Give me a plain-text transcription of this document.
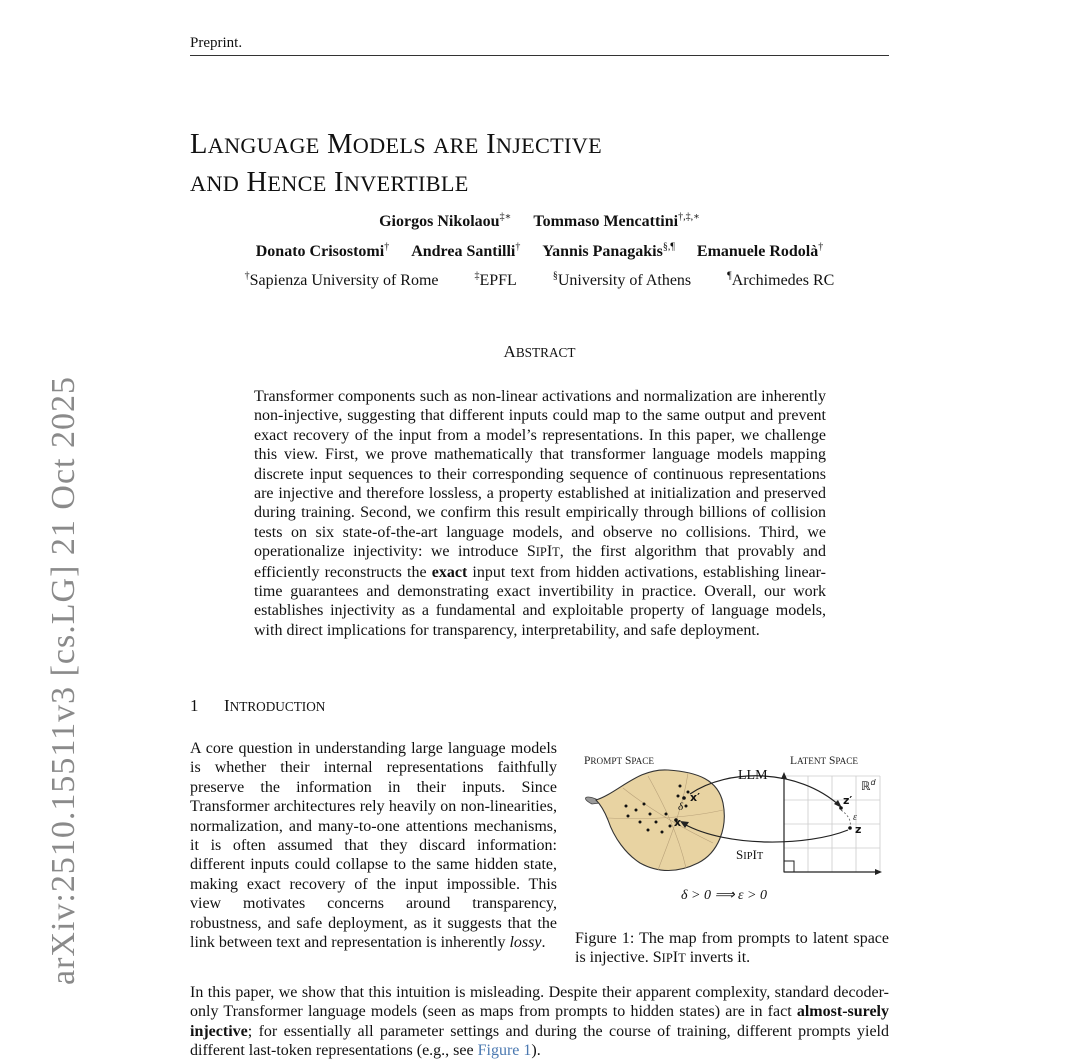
Preprint.
LANGUAGE MODELS ARE INJECTIVE
AND HENCE INVERTIBLE
Giorgos Nikolaou‡∗ Tommaso Mencattini†,‡,∗
Donato Crisostomi† Andrea Santilli† Yannis Panagakis§,¶ Emanuele Rodolà†
†Sapienza University of Rome	‡EPFL	§University of Athens	¶Archimedes RC
ABSTRACT
Transformer components such as non-linear activations and normalization are inherently non-injective, suggesting that different inputs could map to the same output and prevent exact recovery of the input from a model’s representations. In this paper, we challenge this view. First, we prove mathematically that transformer language models mapping discrete input sequences to their corresponding sequence of continuous representations are injective and therefore lossless, a property established at initialization and preserved during training. Second, we confirm this result empirically through billions of collision tests on six state-of-the-art language models, and observe no collisions. Third, we operationalize injectivity: we introduce SIPIT, the first algorithm that provably and efficiently reconstructs the exact input text from hidden activations, establishing linear-time guarantees and demonstrating exact invertibility in practice. Overall, our work establishes injectivity as a fundamental and exploitable property of language models, with direct implications for transparency, interpretability, and safe deployment.
1 INTRODUCTION
A core question in understanding large language models is whether their internal representations faithfully preserve the information in their inputs. Since Transformer architectures rely heavily on non-linearities, normalization, and many-to-one attentions mechanisms, it is often assumed that they discard information: different inputs could collapse to the same hidden state, making exact recovery of the input impossible. This view motivates concerns around transparency, robustness, and safe deployment, as it suggests that the link between text and representation is inherently lossy.
PROMPT SPACE	LATENT SPACE
ℝ$^d$
x′
x
δ
LLM
SIPIT
z′
z
ε
δ > 0 ⟹ ε > 0
Figure 1: The map from prompts to latent space is injective. SIPIT inverts it.
In this paper, we show that this intuition is misleading. Despite their apparent complexity, standard decoder-only Transformer language models (seen as maps from prompts to hidden states) are in fact almost-surely injective; for essentially all parameter settings and during the course of training, different prompts yield different last-token representations (e.g., see Figure 1).
arXiv:2510.15511v3 [cs.LG] 21 Oct 2025
